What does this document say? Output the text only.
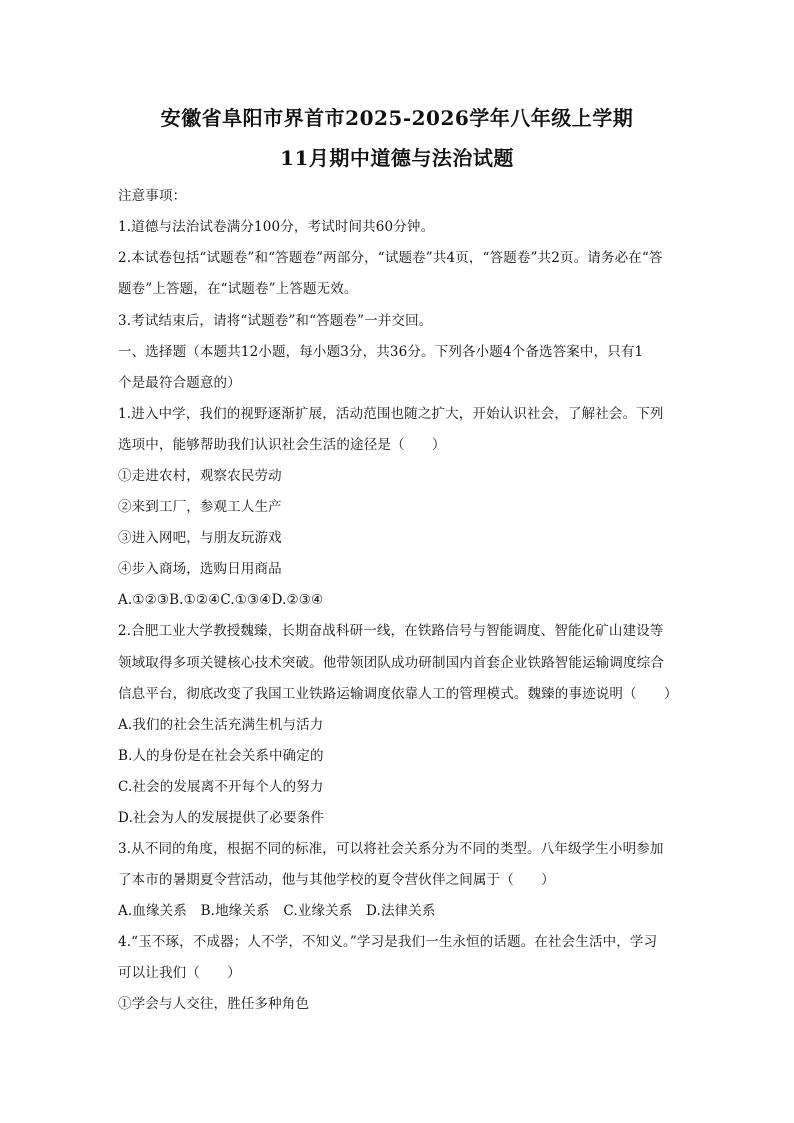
安徽省阜阳市界首市2025-2026学年八年级上学期
11月期中道德与法治试题
注意事项：
1.道德与法治试卷满分100分，考试时间共60分钟。
2.本试卷包括“试题卷”和“答题卷”两部分，“试题卷”共4页，“答题卷”共2页。请务必在“答
题卷”上答题，在“试题卷”上答题无效。
3.考试结束后，请将“试题卷”和“答题卷”一并交回。
一、选择题（本题共12小题，每小题3分，共36分。下列各小题4个备选答案中，只有1
个是最符合题意的）
1.进入中学，我们的视野逐渐扩展，活动范围也随之扩大，开始认识社会，了解社会。下列
选项中，能够帮助我们认识社会生活的途径是（　　）
①走进农村，观察农民劳动
②来到工厂，参观工人生产
③进入网吧，与朋友玩游戏
④步入商场，选购日用商品
A.①②③B.①②④C.①③④D.②③④
2.合肥工业大学教授魏臻，长期奋战科研一线，在铁路信号与智能调度、智能化矿山建设等
领域取得多项关键核心技术突破。他带领团队成功研制国内首套企业铁路智能运输调度综合
信息平台，彻底改变了我国工业铁路运输调度依靠人工的管理模式。魏臻的事迹说明（　　）
A.我们的社会生活充满生机与活力
B.人的身份是在社会关系中确定的
C.社会的发展离不开每个人的努力
D.社会为人的发展提供了必要条件
3.从不同的角度，根据不同的标准，可以将社会关系分为不同的类型。八年级学生小明参加
了本市的暑期夏令营活动，他与其他学校的夏令营伙伴之间属于（　　）
A.血缘关系　B.地缘关系　C.业缘关系　D.法律关系
4.“玉不琢，不成器；人不学，不知义。”学习是我们一生永恒的话题。在社会生活中，学习
可以让我们（　　）
①学会与人交往，胜任多种角色
